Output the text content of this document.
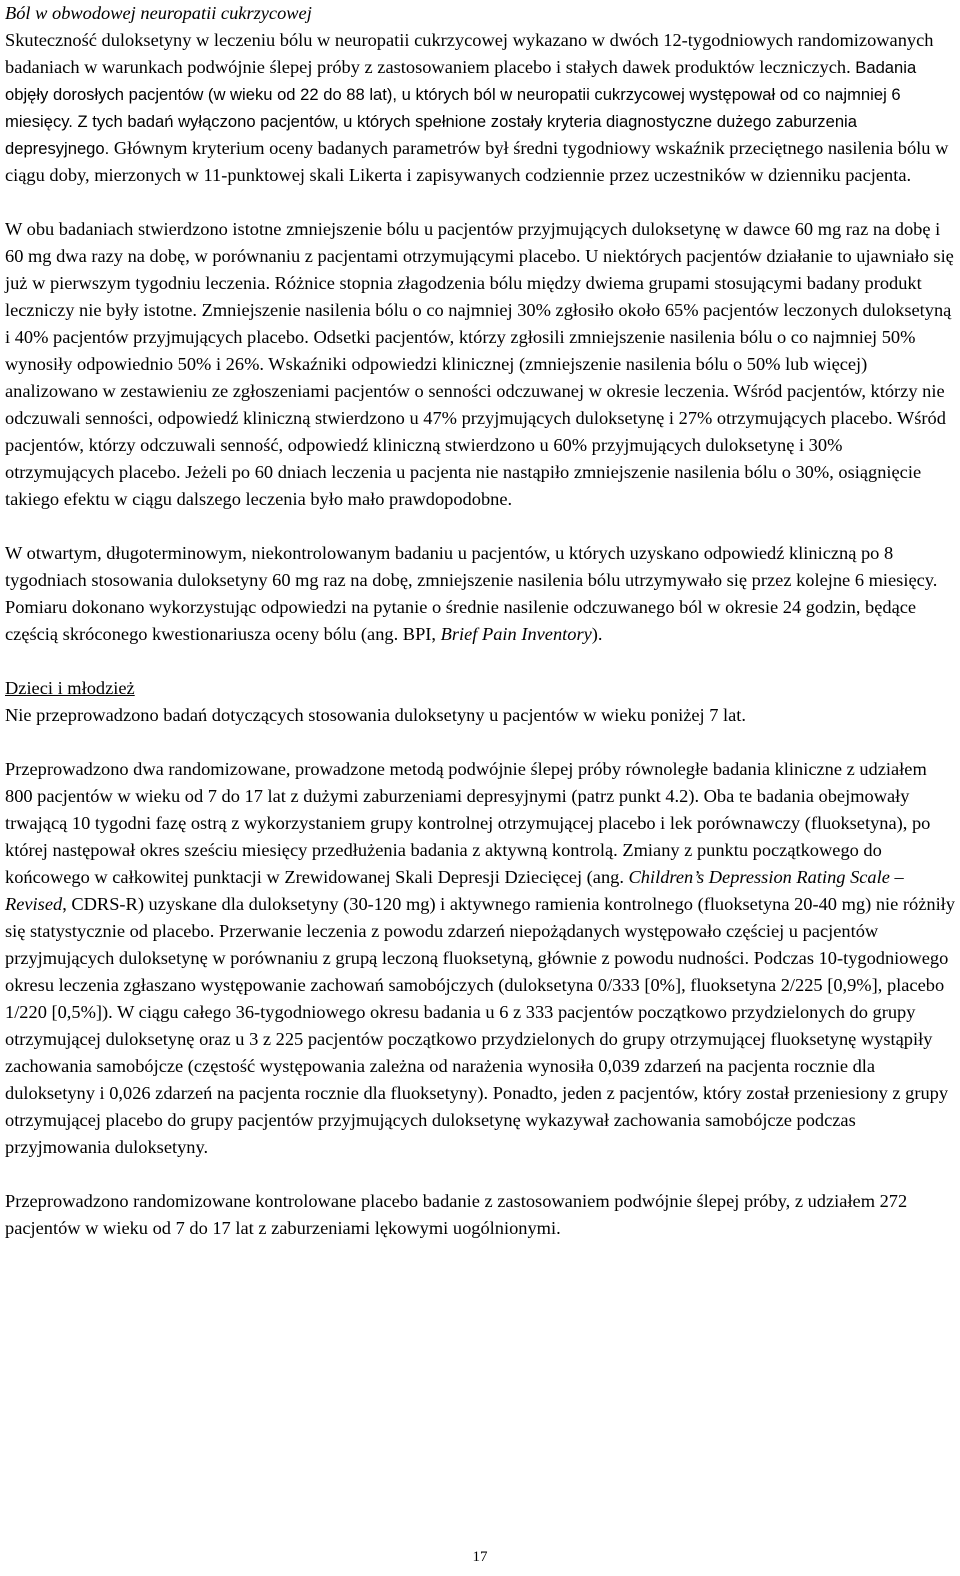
Ból w obwodowej neuropatii cukrzycowej

Skuteczność duloksetyny w leczeniu bólu w neuropatii cukrzycowej wykazano w dwóch 12-tygodniowych randomizowanych badaniach w warunkach podwójnie ślepej próby z zastosowaniem placebo i stałych dawek produktów leczniczych. Badania objęły dorosłych pacjentów (w wieku od 22 do 88 lat), u których ból w neuropatii cukrzycowej występował od co najmniej 6 miesięcy. Z tych badań wyłączono pacjentów, u których spełnione zostały kryteria diagnostyczne dużego zaburzenia depresyjnego. Głównym kryterium oceny badanych parametrów był średni tygodniowy wskaźnik przeciętnego nasilenia bólu w ciągu doby, mierzonych w 11-punktowej skali Likerta i zapisywanych codziennie przez uczestników w dzienniku pacjenta.

W obu badaniach stwierdzono istotne zmniejszenie bólu u pacjentów przyjmujących duloksetynę w dawce 60 mg raz na dobę i 60 mg dwa razy na dobę, w porównaniu z pacjentami otrzymującymi placebo. U niektórych pacjentów działanie to ujawniało się już w pierwszym tygodniu leczenia. Różnice stopnia złagodzenia bólu między dwiema grupami stosującymi badany produkt leczniczy nie były istotne. Zmniejszenie nasilenia bólu o co najmniej 30% zgłosiło około 65% pacjentów leczonych duloksetyną i 40% pacjentów przyjmujących placebo. Odsetki pacjentów, którzy zgłosili zmniejszenie nasilenia bólu o co najmniej 50% wynosiły odpowiednio 50% i 26%. Wskaźniki odpowiedzi klinicznej (zmniejszenie nasilenia bólu o 50% lub więcej) analizowano w zestawieniu ze zgłoszeniami pacjentów o senności odczuwanej w okresie leczenia. Wśród pacjentów, którzy nie odczuwali senności, odpowiedź kliniczną stwierdzono u 47% przyjmujących duloksetynę i 27% otrzymujących placebo. Wśród pacjentów, którzy odczuwali senność, odpowiedź kliniczną stwierdzono u 60% przyjmujących duloksetynę i 30% otrzymujących placebo. Jeżeli po 60 dniach leczenia u pacjenta nie nastąpiło zmniejszenie nasilenia bólu o 30%, osiągnięcie takiego efektu w ciągu dalszego leczenia było mało prawdopodobne.

W otwartym, długoterminowym, niekontrolowanym badaniu u pacjentów, u których uzyskano odpowiedź kliniczną po 8 tygodniach stosowania duloksetyny 60 mg raz na dobę, zmniejszenie nasilenia bólu utrzymywało się przez kolejne 6 miesięcy. Pomiaru dokonano wykorzystując odpowiedzi na pytanie o średnie nasilenie odczuwanego ból w okresie 24 godzin, będące częścią skróconego kwestionariusza oceny bólu (ang. BPI, Brief Pain Inventory).

Dzieci i młodzież

Nie przeprowadzono badań dotyczących stosowania duloksetyny u pacjentów w wieku poniżej 7 lat.

Przeprowadzono dwa randomizowane, prowadzone metodą podwójnie ślepej próby równoległe badania kliniczne z udziałem 800 pacjentów w wieku od 7 do 17 lat z dużymi zaburzeniami depresyjnymi (patrz punkt 4.2). Oba te badania obejmowały trwającą 10 tygodni fazę ostrą z wykorzystaniem grupy kontrolnej otrzymującej placebo i lek porównawczy (fluoksetyna), po której następował okres sześciu miesięcy przedłużenia badania z aktywną kontrolą. Zmiany z punktu początkowego do końcowego w całkowitej punktacji w Zrewidowanej Skali Depresji Dziecięcej (ang. Children’s Depression Rating Scale – Revised, CDRS-R) uzyskane dla duloksetyny (30-120 mg) i aktywnego ramienia kontrolnego (fluoksetyna 20-40 mg) nie różniły się statystycznie od placebo. Przerwanie leczenia z powodu zdarzeń niepożądanych występowało częściej u pacjentów przyjmujących duloksetynę w porównaniu z grupą leczoną fluoksetyną, głównie z powodu nudności. Podczas 10-tygodniowego okresu leczenia zgłaszano występowanie zachowań samobójczych (duloksetyna 0/333 [0%], fluoksetyna 2/225 [0,9%], placebo 1/220 [0,5%]). W ciągu całego 36-tygodniowego okresu badania u 6 z 333 pacjentów początkowo przydzielonych do grupy otrzymującej duloksetynę oraz u 3 z 225 pacjentów początkowo przydzielonych do grupy otrzymującej fluoksetynę wystąpiły zachowania samobójcze (częstość występowania zależna od narażenia wynosiła 0,039 zdarzeń na pacjenta rocznie dla duloksetyny i 0,026 zdarzeń na pacjenta rocznie dla fluoksetyny). Ponadto, jeden z pacjentów, który został przeniesiony z grupy otrzymującej placebo do grupy pacjentów przyjmujących duloksetynę wykazywał zachowania samobójcze podczas przyjmowania duloksetyny.

Przeprowadzono randomizowane kontrolowane placebo badanie z zastosowaniem podwójnie ślepej próby, z udziałem 272 pacjentów w wieku od 7 do 17 lat z zaburzeniami lękowymi uogólnionymi.

17
